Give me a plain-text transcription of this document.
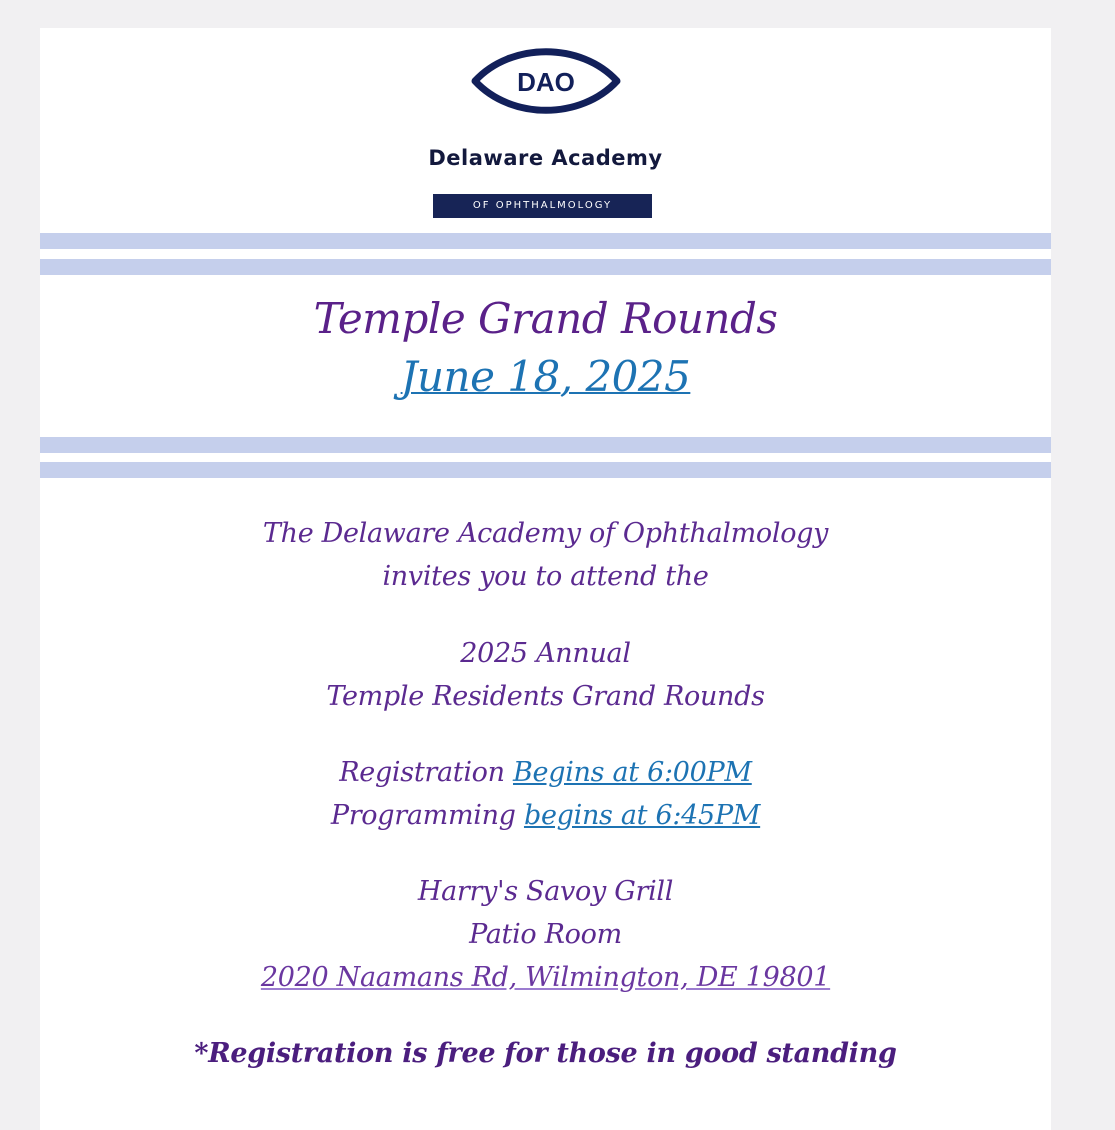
DAO
Delaware Academy
OF OPHTHALMOLOGY
Temple Grand Rounds
June 18, 2025
The Delaware Academy of Ophthalmology
invites you to attend the
2025 Annual
Temple Residents Grand Rounds
Registration Begins at 6:00PM
Programming begins at 6:45PM
Harry's Savoy Grill
Patio Room
2020 Naamans Rd, Wilmington, DE 19801
*Registration is free for those in good standing
